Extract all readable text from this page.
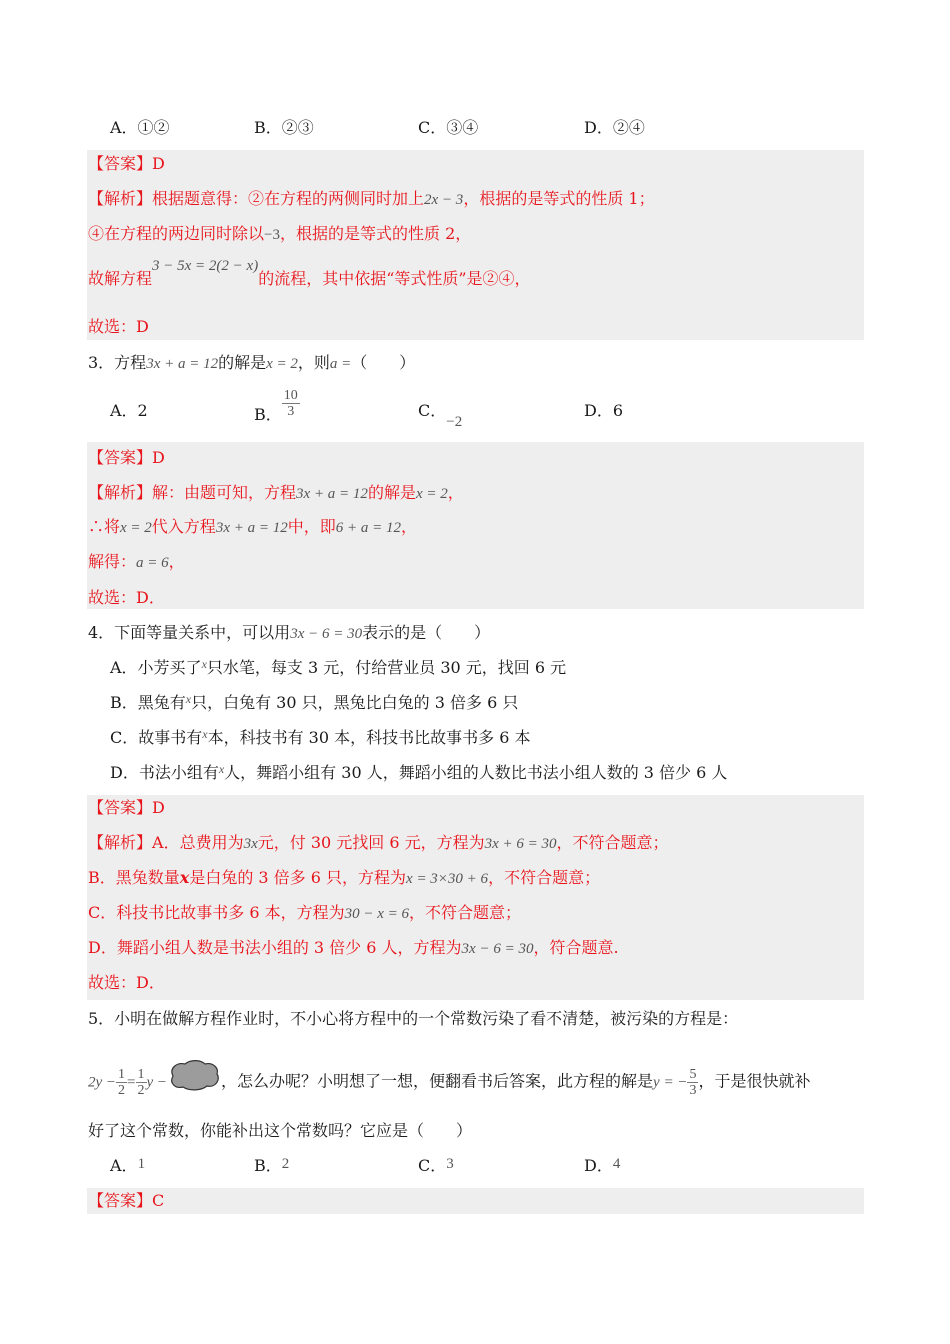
A．①②	B．②③	C．③④	D．②④
【答案】D
【解析】根据题意得：②在方程的两侧同时加上2x − 3，根据的是等式的性质 1；
④在方程的两边同时除以−3，根据的是等式的性质 2，
故解方程3 − 5x = 2(2 − x)的流程，其中依据“等式性质”是②④，
故选：D
3．方程3x + a = 12的解是x = 2，则a =（　　）
A．2	B． $\frac{10}{3}$	C．−2
D．6
【答案】D
【解析】解：由题可知，方程3x + a = 12的解是x = 2，
∴将x = 2代入方程3x + a = 12中，即6 + a = 12，
解得：a = 6，
故选：D．
4．下面等量关系中，可以用3x − 6 = 30表示的是（　　）
A．小芳买了$^x$只水笔，每支 3 元，付给营业员 30 元，找回 6 元
B．黑兔有$^x$只，白兔有 30 只，黑兔比白兔的 3 倍多 6 只
C．故事书有$^x$本，科技书有 30 本，科技书比故事书多 6 本
D．书法小组有$^x$人，舞蹈小组有 30 人，舞蹈小组的人数比书法小组人数的 3 倍少 6 人
【答案】D
【解析】A．总费用为3x元，付 30 元找回 6 元，方程为3x + 6 = 30，不符合题意；
B．黑兔数量x是白兔的 3 倍多 6 只，方程为x = 3×30 + 6，不符合题意；
C．科技书比故事书多 6 本，方程为30 − x = 6，不符合题意；
D．舞蹈小组人数是书法小组的 3 倍少 6 人，方程为3x − 6 = 30，符合题意.
故选：D．
5．小明在做解方程作业时，不小心将方程中的一个常数污染了看不清楚，被污染的方程是：
$2y - \frac{1}{2} = \frac{1}{2}$ y −	，怎么办呢？小明想了一想，便翻看书后答案，此方程的解是y = − $\frac{5}{3}$ ，于是很快就补
好了这个常数，你能补出这个常数吗？它应是（　　）
A．1	B．2	C．3	D．4
【答案】C
